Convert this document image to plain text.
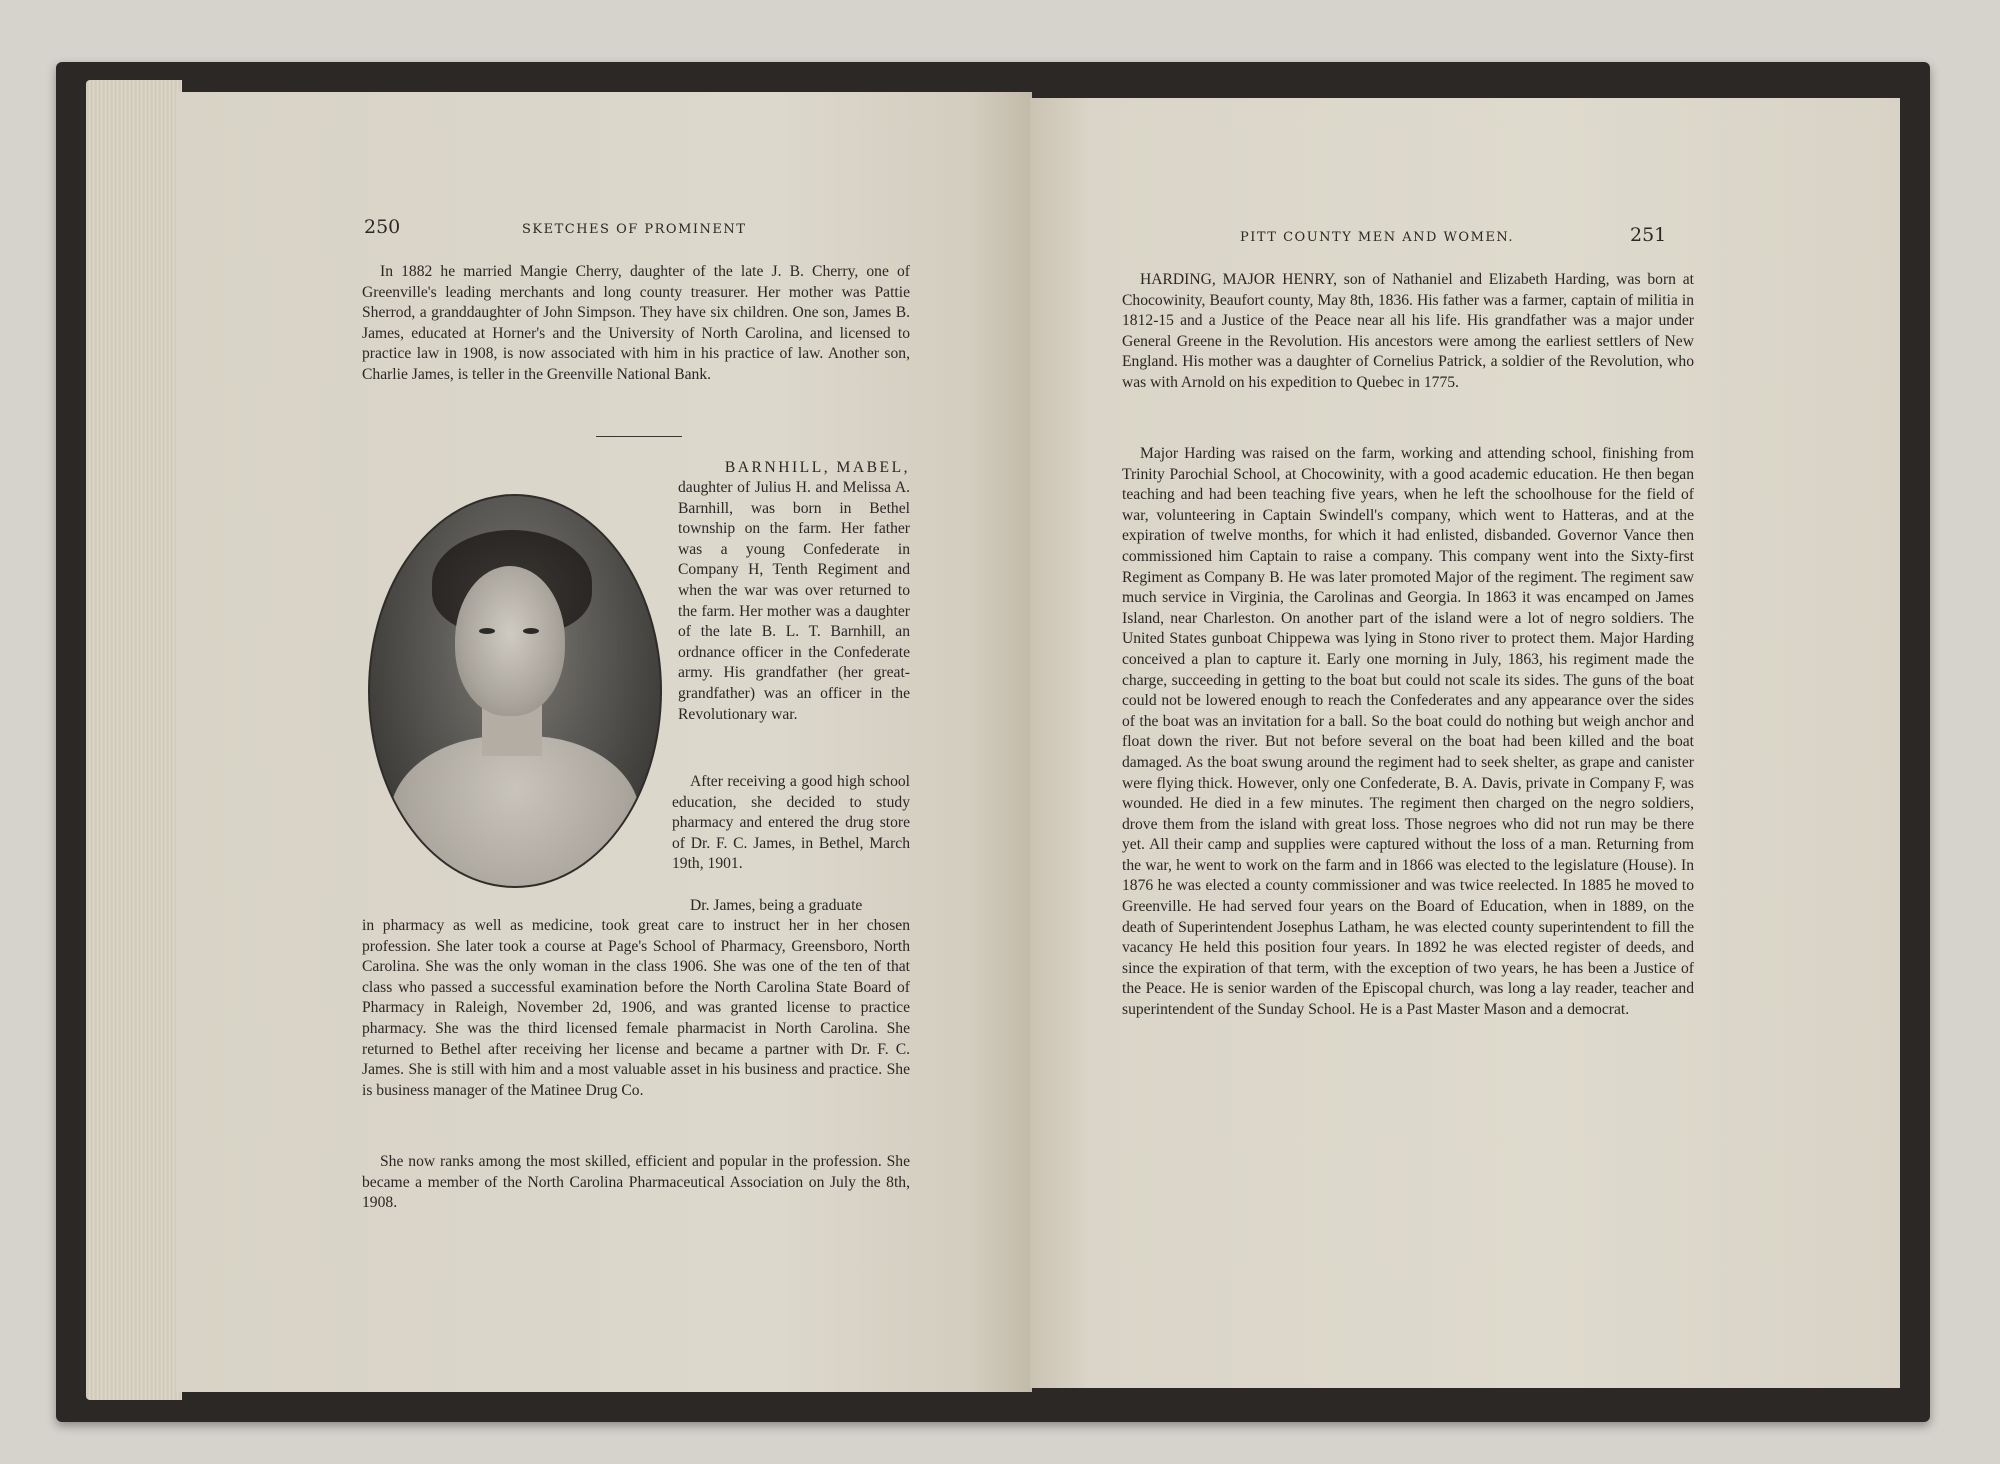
250	SKETCHES OF PROMINENT

In 1882 he married Mangie Cherry, daughter of the late J. B. Cherry, one of Greenville's leading merchants and long county treasurer. Her mother was Pattie Sherrod, a granddaughter of John Simpson. They have six children. One son, James B. James, educated at Horner's and the University of North Carolina, and licensed to practice law in 1908, is now associated with him in his practice of law. Another son, Charlie James, is teller in the Greenville National Bank.

BARNHILL, MABEL,

daughter of Julius H. and Melissa A. Barnhill, was born in Bethel township on the farm. Her father was a young Confederate in Company H, Tenth Regiment and when the war was over returned to the farm. Her mother was a daughter of the late B. L. T. Barnhill, an ordnance officer in the Confederate army. His grandfather (her great-grandfather) was an officer in the Revolutionary war.

After receiving a good high school education, she decided to study pharmacy and entered the drug store of Dr. F. C. James, in Bethel, March 19th, 1901.

Dr. James, being a graduate

in pharmacy as well as medicine, took great care to instruct her in her chosen profession. She later took a course at Page's School of Pharmacy, Greensboro, North Carolina. She was the only woman in the class 1906. She was one of the ten of that class who passed a successful examination before the North Carolina State Board of Pharmacy in Raleigh, November 2d, 1906, and was granted license to practice pharmacy. She was the third licensed female pharmacist in North Carolina. She returned to Bethel after receiving her license and became a partner with Dr. F. C. James. She is still with him and a most valuable asset in his business and practice. She is business manager of the Matinee Drug Co.

She now ranks among the most skilled, efficient and popular in the profession. She became a member of the North Carolina Pharmaceutical Association on July the 8th, 1908.

PITT COUNTY MEN AND WOMEN.	251

HARDING, MAJOR HENRY, son of Nathaniel and Elizabeth Harding, was born at Chocowinity, Beaufort county, May 8th, 1836. His father was a farmer, captain of militia in 1812-15 and a Justice of the Peace near all his life. His grandfather was a major under General Greene in the Revolution. His ancestors were among the earliest settlers of New England. His mother was a daughter of Cornelius Patrick, a soldier of the Revolution, who was with Arnold on his expedition to Quebec in 1775.

Major Harding was raised on the farm, working and attending school, finishing from Trinity Parochial School, at Chocowinity, with a good academic education. He then began teaching and had been teaching five years, when he left the schoolhouse for the field of war, volunteering in Captain Swindell's company, which went to Hatteras, and at the expiration of twelve months, for which it had enlisted, disbanded. Governor Vance then commissioned him Captain to raise a company. This company went into the Sixty-first Regiment as Company B. He was later promoted Major of the regiment. The regiment saw much service in Virginia, the Carolinas and Georgia. In 1863 it was encamped on James Island, near Charleston. On another part of the island were a lot of negro soldiers. The United States gunboat Chippewa was lying in Stono river to protect them. Major Harding conceived a plan to capture it. Early one morning in July, 1863, his regiment made the charge, succeeding in getting to the boat but could not scale its sides. The guns of the boat could not be lowered enough to reach the Confederates and any appearance over the sides of the boat was an invitation for a ball. So the boat could do nothing but weigh anchor and float down the river. But not before several on the boat had been killed and the boat damaged. As the boat swung around the regiment had to seek shelter, as grape and canister were flying thick. However, only one Confederate, B. A. Davis, private in Company F, was wounded. He died in a few minutes. The regiment then charged on the negro soldiers, drove them from the island with great loss. Those negroes who did not run may be there yet. All their camp and supplies were captured without the loss of a man. Returning from the war, he went to work on the farm and in 1866 was elected to the legislature (House). In 1876 he was elected a county commissioner and was twice reelected. In 1885 he moved to Greenville. He had served four years on the Board of Education, when in 1889, on the death of Superintendent Josephus Latham, he was elected county superintendent to fill the vacancy He held this position four years. In 1892 he was elected register of deeds, and since the expiration of that term, with the exception of two years, he has been a Justice of the Peace. He is senior warden of the Episcopal church, was long a lay reader, teacher and superintendent of the Sunday School. He is a Past Master Mason and a democrat.
